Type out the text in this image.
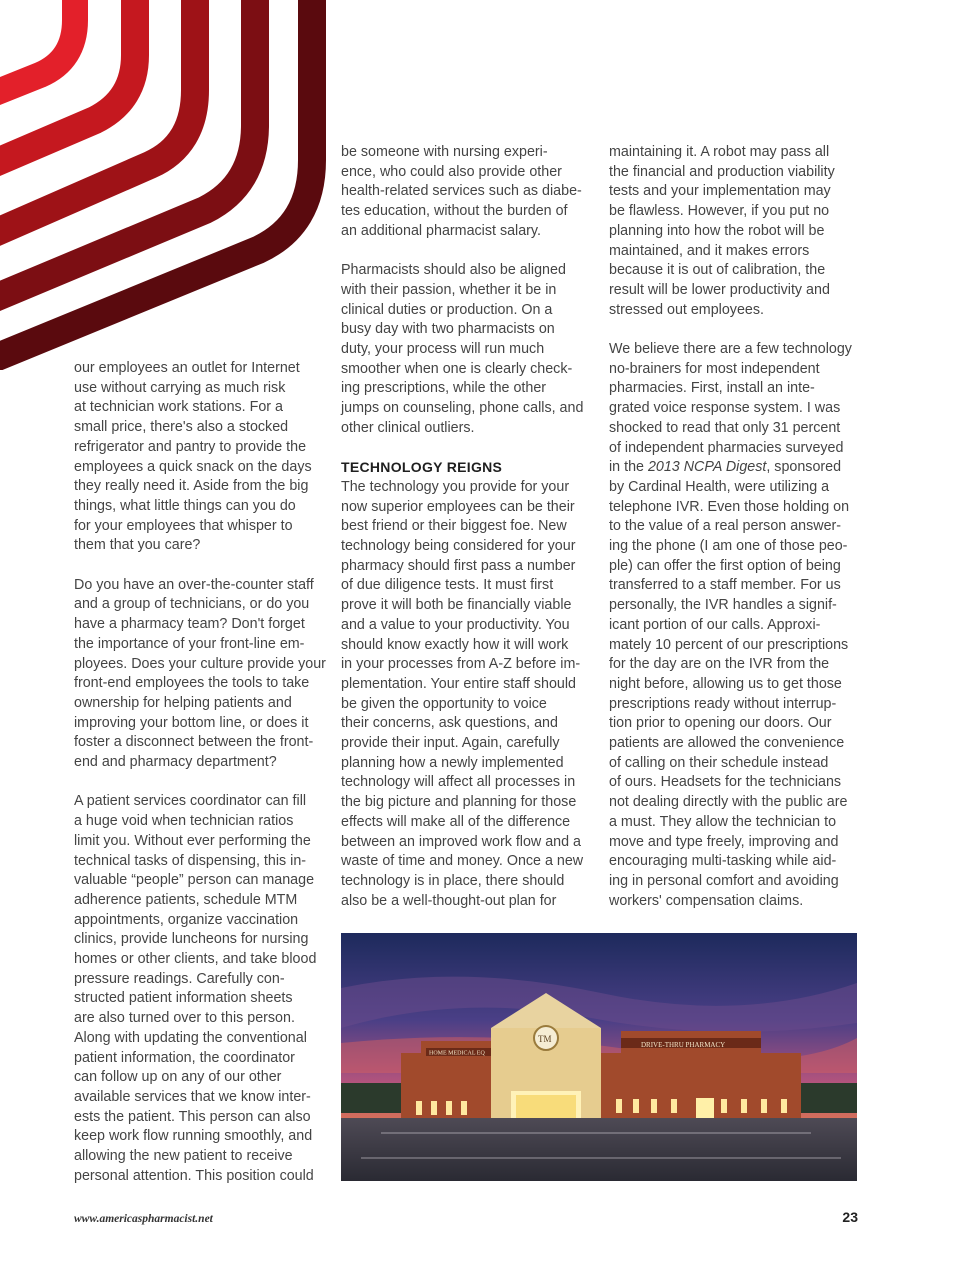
our employees an outlet for Internet
use without carrying as much risk
at technician work stations. For a
small price, there's also a stocked
refrigerator and pantry to provide the
employees a quick snack on the days
they really need it. Aside from the big
things, what little things can you do
for your employees that whisper to
them that you care?

Do you have an over-the-counter staff
and a group of technicians, or do you
have a pharmacy team? Don't forget
the importance of your front-line em-
ployees. Does your culture provide your
front-end employees the tools to take
ownership for helping patients and
improving your bottom line, or does it
foster a disconnect between the front-
end and pharmacy department?

A patient services coordinator can fill
a huge void when technician ratios
limit you. Without ever performing the
technical tasks of dispensing, this in-
valuable “people” person can manage
adherence patients, schedule MTM
appointments, organize vaccination
clinics, provide luncheons for nursing
homes or other clients, and take blood
pressure readings. Carefully con-
structed patient information sheets
are also turned over to this person.
Along with updating the conventional
patient information, the coordinator
can follow up on any of our other
available services that we know inter-
ests the patient. This person can also
keep work flow running smoothly, and
allowing the new patient to receive
personal attention. This position could

be someone with nursing experi-
ence, who could also provide other
health-related services such as diabe-
tes education, without the burden of
an additional pharmacist salary.

Pharmacists should also be aligned
with their passion, whether it be in
clinical duties or production. On a
busy day with two pharmacists on
duty, your process will run much
smoother when one is clearly check-
ing prescriptions, while the other
jumps on counseling, phone calls, and
other clinical outliers.

TECHNOLOGY REIGNS

The technology you provide for your
now superior employees can be their
best friend or their biggest foe. New
technology being considered for your
pharmacy should first pass a number
of due diligence tests. It must first
prove it will both be financially viable
and a value to your productivity. You
should know exactly how it will work
in your processes from A-Z before im-
plementation. Your entire staff should
be given the opportunity to voice
their concerns, ask questions, and
provide their input. Again, carefully
planning how a newly implemented
technology will affect all processes in
the big picture and planning for those
effects will make all of the difference
between an improved work flow and a
waste of time and money. Once a new
technology is in place, there should
also be a well-thought-out plan for

maintaining it. A robot may pass all
the financial and production viability
tests and your implementation may
be flawless. However, if you put no
planning into how the robot will be
maintained, and it makes errors
because it is out of calibration, the
result will be lower productivity and
stressed out employees.

We believe there are a few technology
no-brainers for most independent
pharmacies. First, install an inte-
grated voice response system. I was
shocked to read that only 31 percent
of independent pharmacies surveyed
in the 2013 NCPA Digest, sponsored
by Cardinal Health, were utilizing a
telephone IVR. Even those holding on
to the value of a real person answer-
ing the phone (I am one of those peo-
ple) can offer the first option of being
transferred to a staff member. For us
personally, the IVR handles a signif-
icant portion of our calls. Approxi-
mately 10 percent of our prescriptions
for the day are on the IVR from the
night before, allowing us to get those
prescriptions ready without interrup-
tion prior to opening our doors. Our
patients are allowed the convenience
of calling on their schedule instead
of ours. Headsets for the technicians
not dealing directly with the public are
a must. They allow the technician to
move and type freely, improving and
encouraging multi-tasking while aid-
ing in personal comfort and avoiding
workers' compensation claims.

DRIVE-THRU PHARMACY
HOME MEDICAL EQ
TM
www.americaspharmacist.net	23
